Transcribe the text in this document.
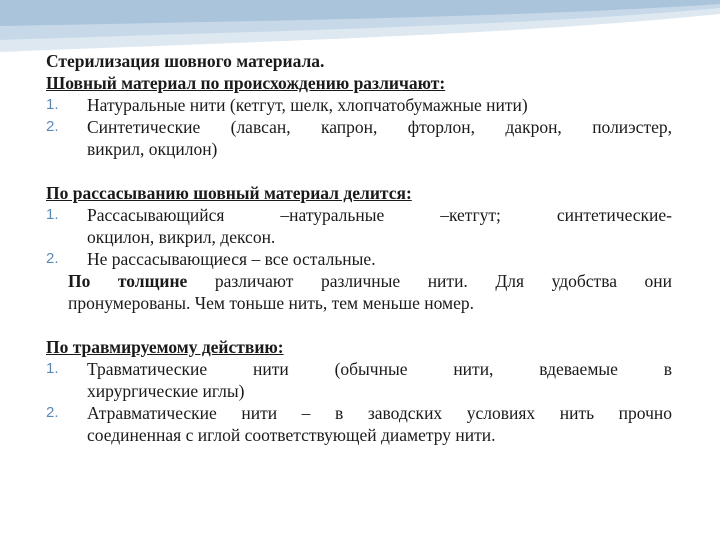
Стерилизация шовного материала.
Шовный материал по происхождению различают:
1. Натуральные нити (кетгут, шелк, хлопчатобумажные нити)
2. Синтетические (лавсан, капрон, фторлон, дакрон, полиэстер,
викрил, окцилон)
По рассасыванию шовный материал делится:
1. Рассасывающийся –натуральные –кетгут; синтетические-
окцилон, викрил, дексон.
2. Не рассасывающиеся – все остальные.
По толщине различают различные нити. Для удобства они
пронумерованы. Чем тоньше нить, тем меньше номер.
По травмируемому действию:
1. Травматические нити (обычные нити, вдеваемые в
хирургические иглы)
2. Атравматические нити – в заводских условиях нить прочно
соединенная с иглой соответствующей диаметру нити.
